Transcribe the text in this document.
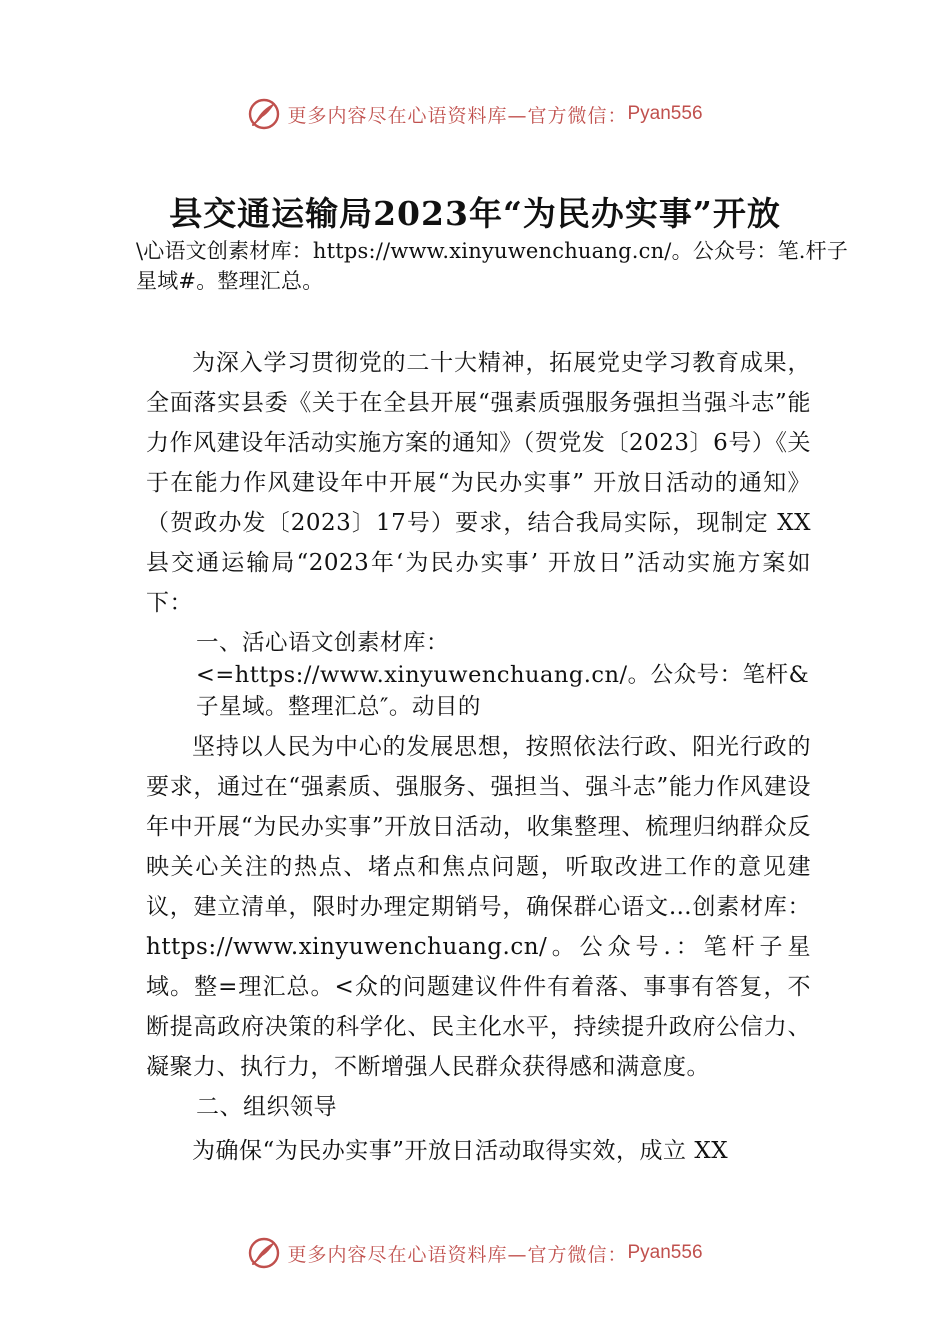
更多内容尽在心语资料库—官方微信： Pyan556
县交通运输局2023年“为民办实事”开放
\心语文创素材库：https://www.xinyuwenchuang.cn/。公众号：笔.杆子星域#。整理汇总。

为深入学习贯彻党的二十大精神，拓展党史学习教育成果，全面落实县委《关于在全县开展“强素质强服务强担当强斗志”能力作风建设年活动实施方案的通知》（贺党发〔2023〕6号）《关于在能力作风建设年中开展“为民办实事” 开放日活动的通知》（贺政办发〔2023〕17号）要求，结合我局实际，现制定 XX县交通运输局“2023年‘为民办实事’ 开放日”活动实施方案如下：

一、活心语文创素材库：<=https://www.xinyuwenchuang.cn/。公众号：笔杆&子星域。整理汇总″。动目的

坚持以人民为中心的发展思想，按照依法行政、阳光行政的要求，通过在“强素质、强服务、强担当、强斗志”能力作风建设年中开展“为民办实事”开放日活动，收集整理、梳理归纳群众反映关心关注的热点、堵点和焦点问题，听取改进工作的意见建议，建立清单，限时办理定期销号，确保群心语文…创素材库：https://www.xinyuwenchuang.cn/。公众号.：笔杆子星域。整=理汇总。<众的问题建议件件有着落、事事有答复，不断提高政府决策的科学化、民主化水平，持续提升政府公信力、凝聚力、执行力，不断增强人民群众获得感和满意度。

二、组织领导

为确保“为民办实事”开放日活动取得实效，成立 XX

更多内容尽在心语资料库—官方微信： Pyan556
